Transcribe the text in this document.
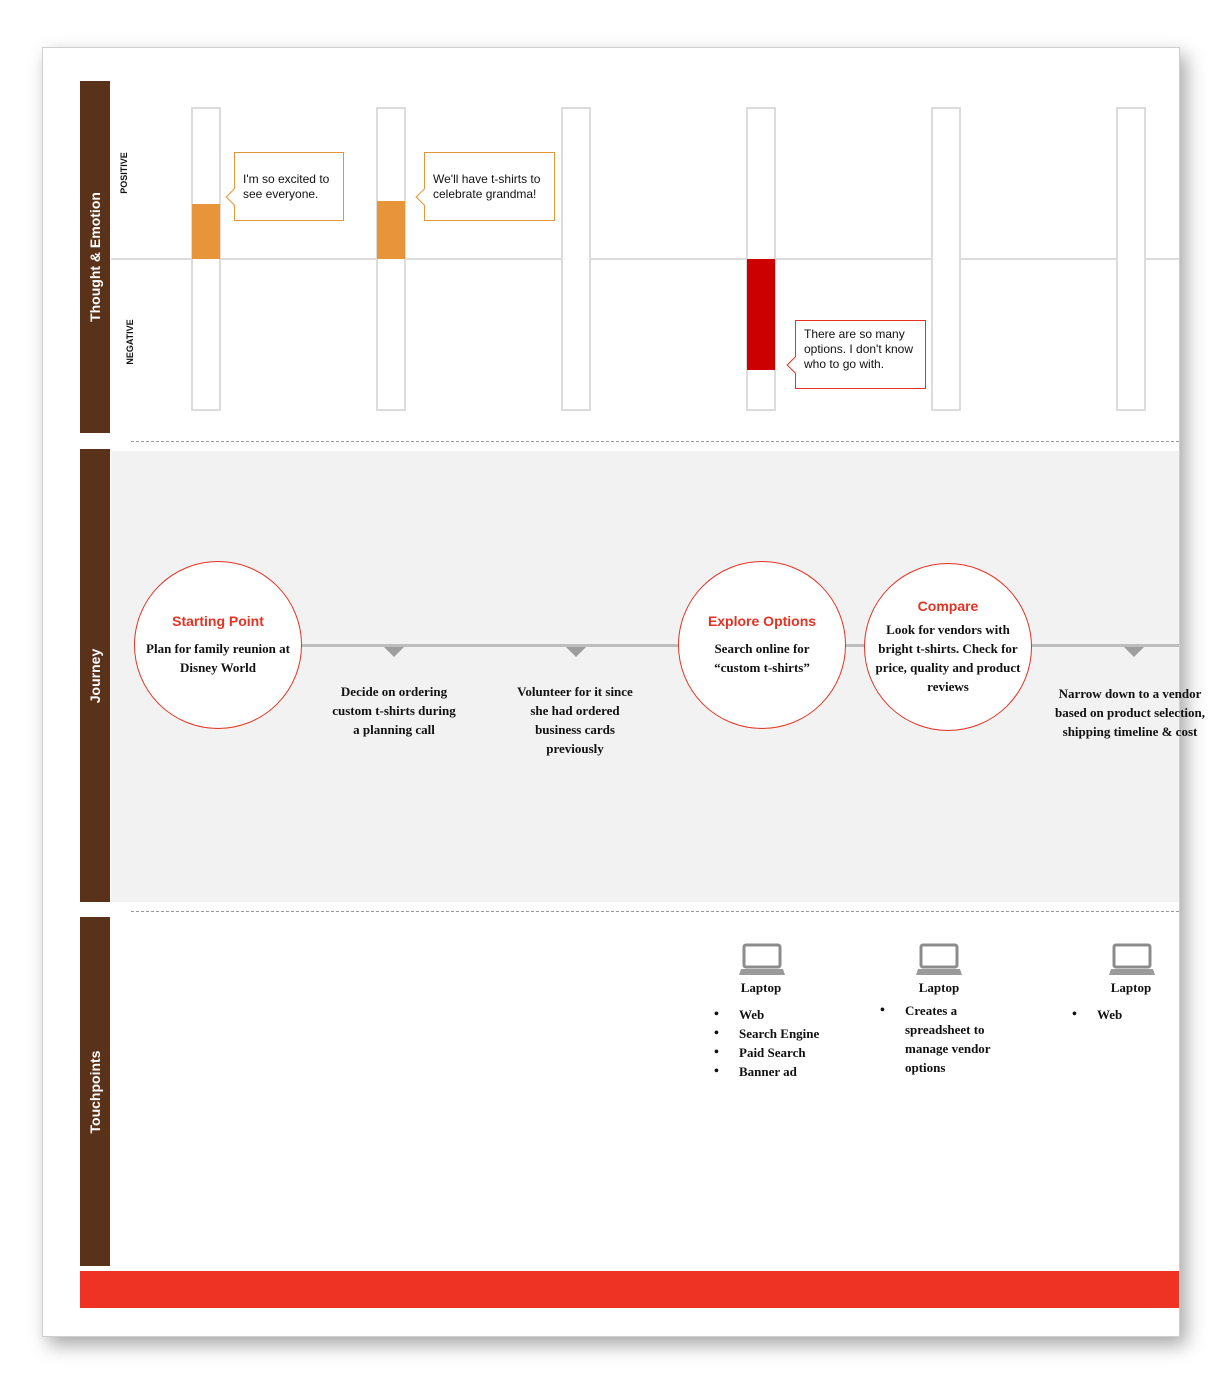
Thought & Emotion
POSITIVE
NEGATIVE
I'm so excited to see everyone.
We'll have t-shirts to celebrate grandma!
There are so many options. I don't know who to go with.
Journey
Starting Point
Plan for family reunion at Disney World
Explore Options
Search online for “custom t-shirts”
Compare
Look for vendors with bright t-shirts. Check for price, quality and product reviews
Decide on ordering custom t-shirts during a planning call
Volunteer for it since she had ordered business cards previously
Narrow down to a vendor based on product selection, shipping timeline & cost
Touchpoints
Laptop
• Web
• Search Engine
• Paid Search
• Banner ad
Laptop
• Creates a spreadsheet to manage vendor options
Laptop
• Web
